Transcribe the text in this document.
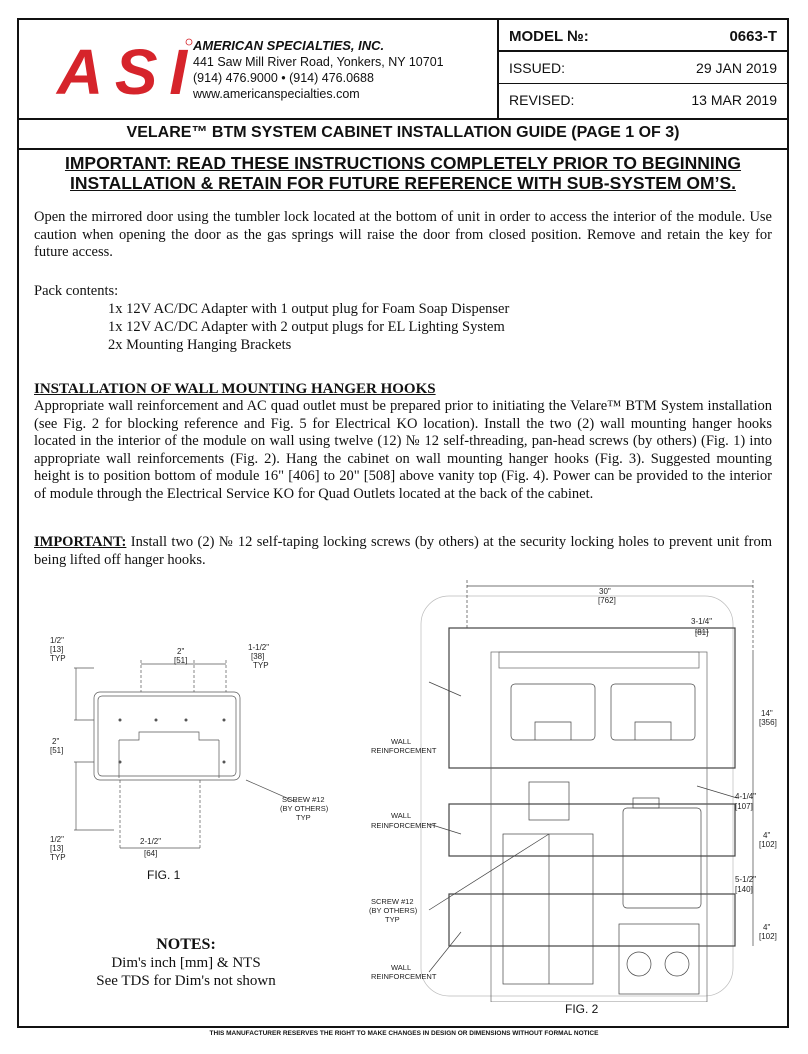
ASI AMERICAN SPECIALTIES, INC.
441 Saw Mill River Road, Yonkers, NY 10701
(914) 476.9000 • (914) 476.0688
www.americanspecialties.com
MODEL №:	0663-T
ISSUED:	29 JAN 2019
REVISED:	13 MAR 2019
VELARE™ BTM SYSTEM CABINET INSTALLATION GUIDE (PAGE 1 OF 3)
IMPORTANT: READ THESE INSTRUCTIONS COMPLETELY PRIOR TO BEGINNING INSTALLATION & RETAIN FOR FUTURE REFERENCE WITH SUB-SYSTEM OM’S.
Open the mirrored door using the tumbler lock located at the bottom of unit in order to access the interior of the module. Use caution when opening the door as the gas springs will raise the door from closed position. Remove and retain the key for future access.
Pack contents:
1x 12V AC/DC Adapter with 1 output plug for Foam Soap Dispenser
1x 12V AC/DC Adapter with 2 output plugs for EL Lighting System
2x Mounting Hanging Brackets
INSTALLATION OF WALL MOUNTING HANGER HOOKS
Appropriate wall reinforcement and AC quad outlet must be prepared prior to initiating the Velare™ BTM System installation (see Fig. 2 for blocking reference and Fig. 5 for Electrical KO location). Install the two (2) wall mounting hanger hooks located in the interior of the module on wall using twelve (12) № 12 self-threading, pan-head screws (by others) (Fig. 1) into appropriate wall reinforcements (Fig. 2). Hang the cabinet on wall mounting hanger hooks (Fig. 3). Suggested mounting height is to position bottom of module 16" [406] to 20" [508] above vanity top (Fig. 4). Power can be provided to the interior of module through the Electrical Service KO for Quad Outlets located at the back of the cabinet.
IMPORTANT: Install two (2) № 12 self-taping locking screws (by others) at the security locking holes to prevent unit from being lifted off hanger hooks.
2"
[51]
1-1/2"
[38]
TYP
1/2"
[13]
TYP
2"
[51]
1/2"
[13]
TYP
2-1/2"
[64]
SCREW #12
(BY OTHERS)
TYP
FIG. 1
NOTES:
Dim's inch [mm] & NTS
See TDS for Dim's not shown
30"
[762]
3-1/4"
[81]
14"
[356]
4-1/4"
[107]
4"
[102]
5-1/2"
[140]
4"
[102]
WALL
REINFORCEMENT
WALL
REINFORCEMENT
SCREW #12
(BY OTHERS)
TYP
WALL
REINFORCEMENT
FIG. 2
THIS MANUFACTURER RESERVES THE RIGHT TO MAKE CHANGES IN DESIGN OR DIMENSIONS WITHOUT FORMAL NOTICE
